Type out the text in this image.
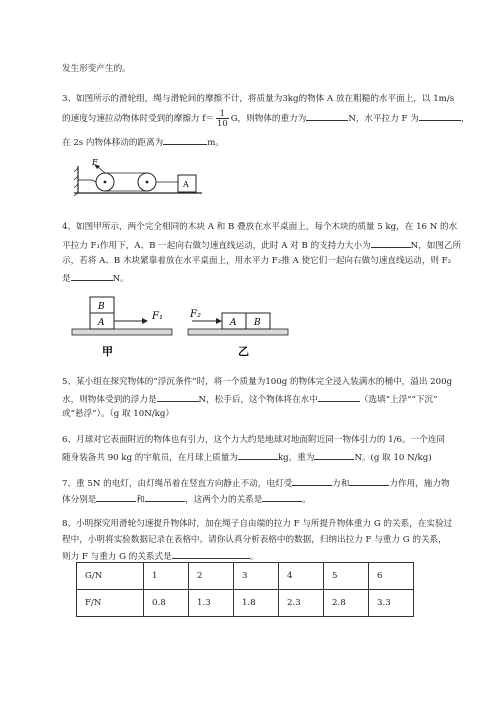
发生形变产生的。
3、如图所示的滑轮组，绳与滑轮间的摩擦不计，将质量为3kg的物体 A 放在粗糙的水平面上，以 1m/s
的速度匀速拉动物体时受到的摩擦力 $f= \frac{1}{10}$ G，则物体的重力为	N，水平拉力 F 为	，
在 2s 内物体移动的距离为	m。
F
A
4、如图甲所示，两个完全相同的木块 A 和 B 叠放在水平桌面上，每个木块的质量 5 kg，在 16 N 的水
平拉力 F₁作用下，A、B 一起向右做匀速直线运动，此时 A 对 B 的支持力大小为	N，如图乙所
示，若将 A、B 木块紧靠着放在水平桌面上，用水平力 F₂推 A 使它们一起向右做匀速直线运动，则 F₂
是	N。
B
A
F₁
甲
F₂
A B
乙
5、某小组在探究物体的“浮沉条件”时，将一个质量为100g 的物体完全浸入装满水的桶中，溢出 200g
水，则物体受到的浮力是	N，松手后，这个物体将在水中	（选填“上浮”“下沉”
或“悬浮”）。（g 取 10N/kg）
6、月球对它表面附近的物体也有引力，这个力大约是地球对地面附近同一物体引力的 1/6。一个连同
随身装备共 90 kg 的宇航员，在月球上质量为	kg，重为	N。(g 取 10 N/kg)
7、重 5N 的电灯，由灯绳吊着在竖直方向静止不动，电灯受	力和	力作用，施力物
体分别是	和	，这两个力的关系是	。
8、小明探究用滑轮匀速提升物体时，加在绳子自由端的拉力 F 与所提升物体重力 G 的关系，在实验过
程中，小明将实验数据记录在表格中。请你认真分析表格中的数据，归纳出拉力 F 与重力 G 的关系，
则力 F 与重力 G 的关系式是	。
G/N	1	2	3	4	5	6
F/N	0.8	1.3	1.8	2.3	2.8	3.3
